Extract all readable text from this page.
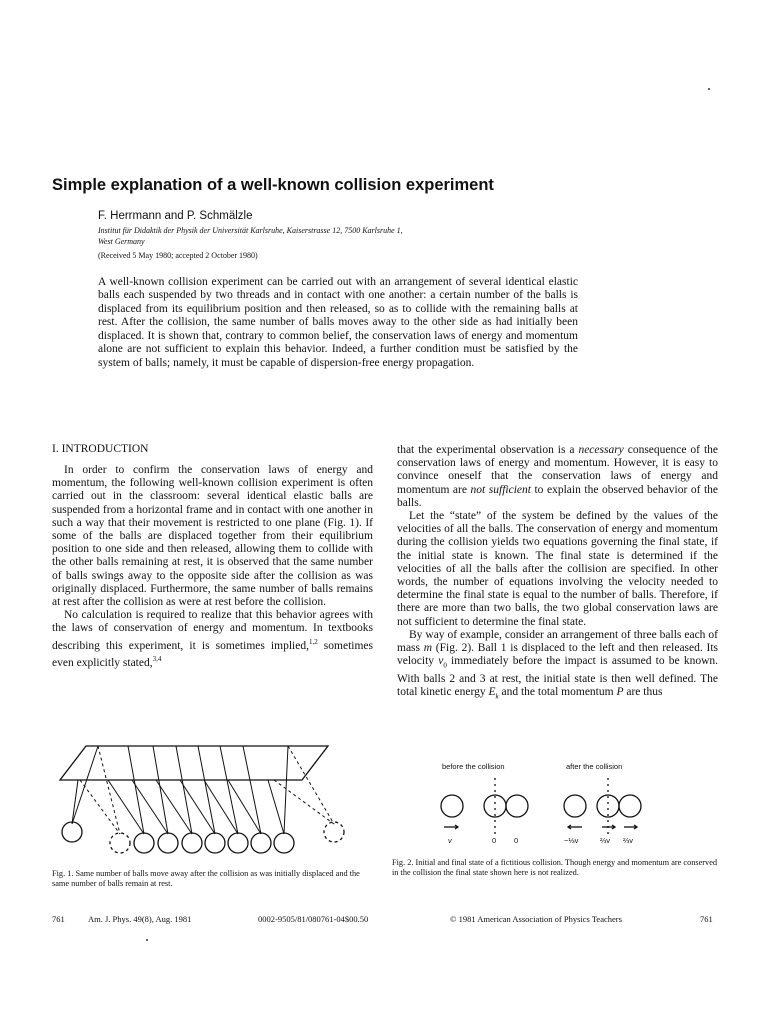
Simple explanation of a well-known collision experiment
F. Herrmann and P. Schmälzle
Institut für Didaktik der Physik der Universität Karlsruhe, Kaiserstrasse 12, 7500 Karlsruhe 1,
West Germany
(Received 5 May 1980; accepted 2 October 1980)
A well-known collision experiment can be carried out with an arrangement of several identical elastic balls each suspended by two threads and in contact with one another: a certain number of the balls is displaced from its equilibrium position and then released, so as to collide with the remaining balls at rest. After the collision, the same number of balls moves away to the other side as had initially been displaced. It is shown that, contrary to common belief, the conservation laws of energy and momentum alone are not sufficient to explain this behavior. Indeed, a further condition must be satisfied by the system of balls; namely, it must be capable of dispersion-free energy propagation.
I. INTRODUCTION

In order to confirm the conservation laws of energy and momentum, the following well-known collision experiment is often carried out in the classroom: several identical elastic balls are suspended from a horizontal frame and in contact with one another in such a way that their movement is restricted to one plane (Fig. 1). If some of the balls are displaced together from their equilibrium position to one side and then released, allowing them to collide with the other balls remaining at rest, it is observed that the same number of balls swings away to the opposite side after the collision as was originally displaced. Furthermore, the same number of balls remains at rest after the collision as were at rest before the collision.

No calculation is required to realize that this behavior agrees with the laws of conservation of energy and momentum. In textbooks describing this experiment, it is sometimes implied,$^{1,2}$ sometimes even explicitly stated,$^{3,4}$

that the experimental observation is a necessary consequence of the conservation laws of energy and momentum. However, it is easy to convince oneself that the conservation laws of energy and momentum are not sufficient to explain the observed behavior of the balls.

Let the “state” of the system be defined by the values of the velocities of all the balls. The conservation of energy and momentum during the collision yields two equations governing the final state, if the initial state is known. The final state is determined if the velocities of all the balls after the collision are specified. In other words, the number of equations involving the velocity needed to determine the final state is equal to the number of balls. Therefore, if there are more than two balls, the two global conservation laws are not sufficient to determine the final state.

By way of example, consider an arrangement of three balls each of mass m (Fig. 2). Ball 1 is displaced to the left and then released. Its velocity $v_0$ immediately before the impact is assumed to be known. With balls 2 and 3 at rest, the initial state is then well defined. The total kinetic energy $E_k$ and the total momentum P are thus

Fig. 1. Same number of balls move away after the collision as was initially displaced and the same number of balls remain at rest.
before the collision	after the collision
v	0 0	−⅓v	⅔v ⅔v
Fig. 2. Initial and final state of a fictitious collision. Though energy and momentum are conserved in the collision the final state shown here is not realized.
761	Am. J. Phys. 49(8), Aug. 1981	0002-9505/81/080761-04$00.50	© 1981 American Association of Physics Teachers	761
